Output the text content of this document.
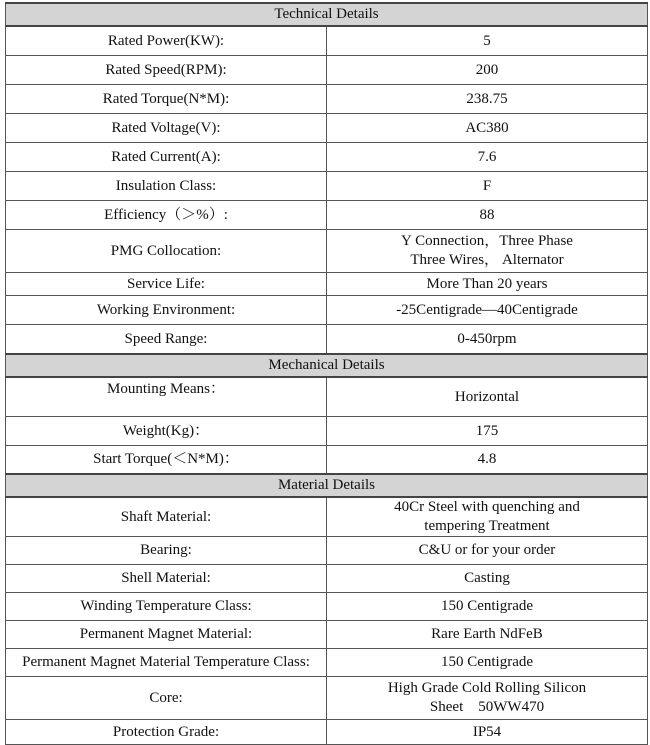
Technical Details	
Rated Power(KW):	5
Rated Speed(RPM):	200
Rated Torque(N*M):	238.75
Rated Voltage(V):	AC380
Rated Current(A):	7.6
Insulation Class:	F
Efficiency（＞%）:	88
PMG Collocation:	Y Connection，Three Phase
Three Wires， Alternator

Service Life:	More Than 20 years
Working Environment:	-25Centigrade—40Centigrade
Speed Range:	0-450rpm
Mechanical Details	
Mounting Means：	Horizontal
Weight(Kg)：	175
Start Torque(＜N*M)：	4.8
Material Details	
Shaft Material:	40Cr Steel with quenching and
tempering Treatment

Bearing:	C&U or for your order
Shell Material:	Casting
Winding Temperature Class:	150 Centigrade
Permanent Magnet Material:	Rare Earth NdFeB
Permanent Magnet Material Temperature Class:	150 Centigrade
Core:	High Grade Cold Rolling Silicon
Sheet　50WW470

Protection Grade:	IP54
